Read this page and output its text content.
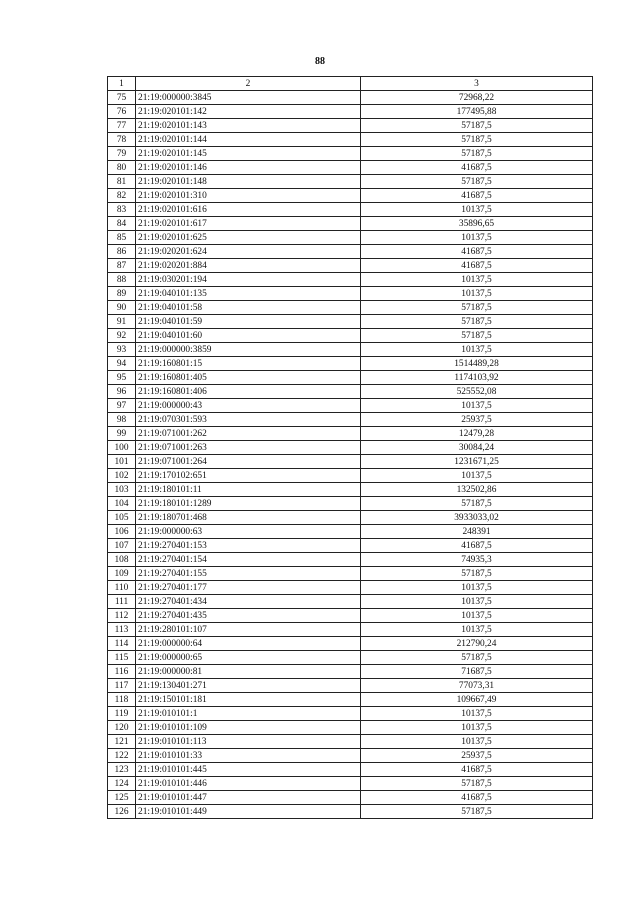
88
1	2	3
75	21:19:000000:3845	72968,22
76	21:19:020101:142	177495,88
77	21:19:020101:143	57187,5
78	21:19:020101:144	57187,5
79	21:19:020101:145	57187,5
80	21:19:020101:146	41687,5
81	21:19:020101:148	57187,5
82	21:19:020101:310	41687,5
83	21:19:020101:616	10137,5
84	21:19:020101:617	35896,65
85	21:19:020101:625	10137,5
86	21:19:020201:624	41687,5
87	21:19:020201:884	41687,5
88	21:19:030201:194	10137,5
89	21:19:040101:135	10137,5
90	21:19:040101:58	57187,5
91	21:19:040101:59	57187,5
92	21:19:040101:60	57187,5
93	21:19:000000:3859	10137,5
94	21:19:160801:15	1514489,28
95	21:19:160801:405	1174103,92
96	21:19:160801:406	525552,08
97	21:19:000000:43	10137,5
98	21:19:070301:593	25937,5
99	21:19:071001:262	12479,28
100	21:19:071001:263	30084,24
101	21:19:071001:264	1231671,25
102	21:19:170102:651	10137,5
103	21:19:180101:11	132502,86
104	21:19:180101:1289	57187,5
105	21:19:180701:468	3933033,02
106	21:19:000000:63	248391
107	21:19:270401:153	41687,5
108	21:19:270401:154	74935,3
109	21:19:270401:155	57187,5
110	21:19:270401:177	10137,5
111	21:19:270401:434	10137,5
112	21:19:270401:435	10137,5
113	21:19:280101:107	10137,5
114	21:19:000000:64	212790,24
115	21:19:000000:65	57187,5
116	21:19:000000:81	71687,5
117	21:19:130401:271	77073,31
118	21:19:150101:181	109667,49
119	21:19:010101:1	10137,5
120	21:19:010101:109	10137,5
121	21:19:010101:113	10137,5
122	21:19:010101:33	25937,5
123	21:19:010101:445	41687,5
124	21:19:010101:446	57187,5
125	21:19:010101:447	41687,5
126	21:19:010101:449	57187,5
